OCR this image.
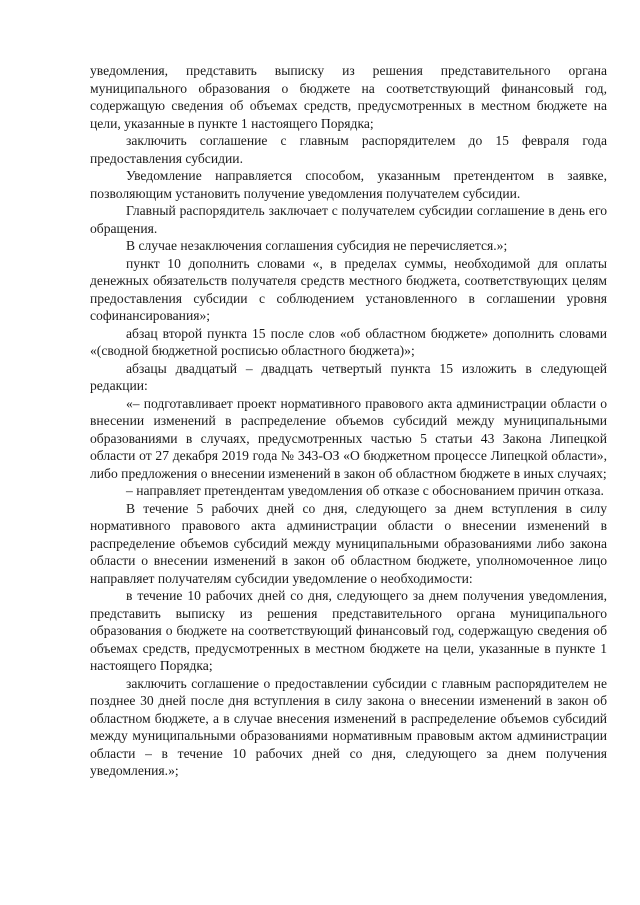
уведомления, представить выписку из решения представительного органа муниципального образования о бюджете на соответствующий финансовый год, содержащую сведения об объемах средств, предусмотренных в местном бюджете на цели, указанные в пункте 1 настоящего Порядка;

заключить соглашение с главным распорядителем до 15 февраля года предоставления субсидии.

Уведомление направляется способом, указанным претендентом в заявке, позволяющим установить получение уведомления получателем субсидии.

Главный распорядитель заключает с получателем субсидии соглашение в день его обращения.

В случае незаключения соглашения субсидия не перечисляется.»;

пункт 10 дополнить словами «, в пределах суммы, необходимой для оплаты денежных обязательств получателя средств местного бюджета, соответствующих целям предоставления субсидии с соблюдением установленного в соглашении уровня софинансирования»;

абзац второй пункта 15 после слов «об областном бюджете» дополнить словами «(сводной бюджетной росписью областного бюджета)»;

абзацы двадцатый – двадцать четвертый пункта 15 изложить в следующей редакции:

«– подготавливает проект нормативного правового акта администрации области о внесении изменений в распределение объемов субсидий между муниципальными образованиями в случаях, предусмотренных частью 5 статьи 43 Закона Липецкой области от 27 декабря 2019 года № 343-ОЗ «О бюджетном процессе Липецкой области», либо предложения о внесении изменений в закон об областном бюджете в иных случаях;

– направляет претендентам уведомления об отказе с обоснованием причин отказа.

В течение 5 рабочих дней со дня, следующего за днем вступления в силу нормативного правового акта администрации области о внесении изменений в распределение объемов субсидий между муниципальными образованиями либо закона области о внесении изменений в закон об областном бюджете, уполномоченное лицо направляет получателям субсидии уведомление о необходимости:

в течение 10 рабочих дней со дня, следующего за днем получения уведомления, представить выписку из решения представительного органа муниципального образования о бюджете на соответствующий финансовый год, содержащую сведения об объемах средств, предусмотренных в местном бюджете на цели, указанные в пункте 1 настоящего Порядка;

заключить соглашение о предоставлении субсидии с главным распорядителем не позднее 30 дней после дня вступления в силу закона о внесении изменений в закон об областном бюджете, а в случае внесения изменений в распределение объемов субсидий между муниципальными образованиями нормативным правовым актом администрации области – в течение 10 рабочих дней со дня, следующего за днем получения уведомления.»;
